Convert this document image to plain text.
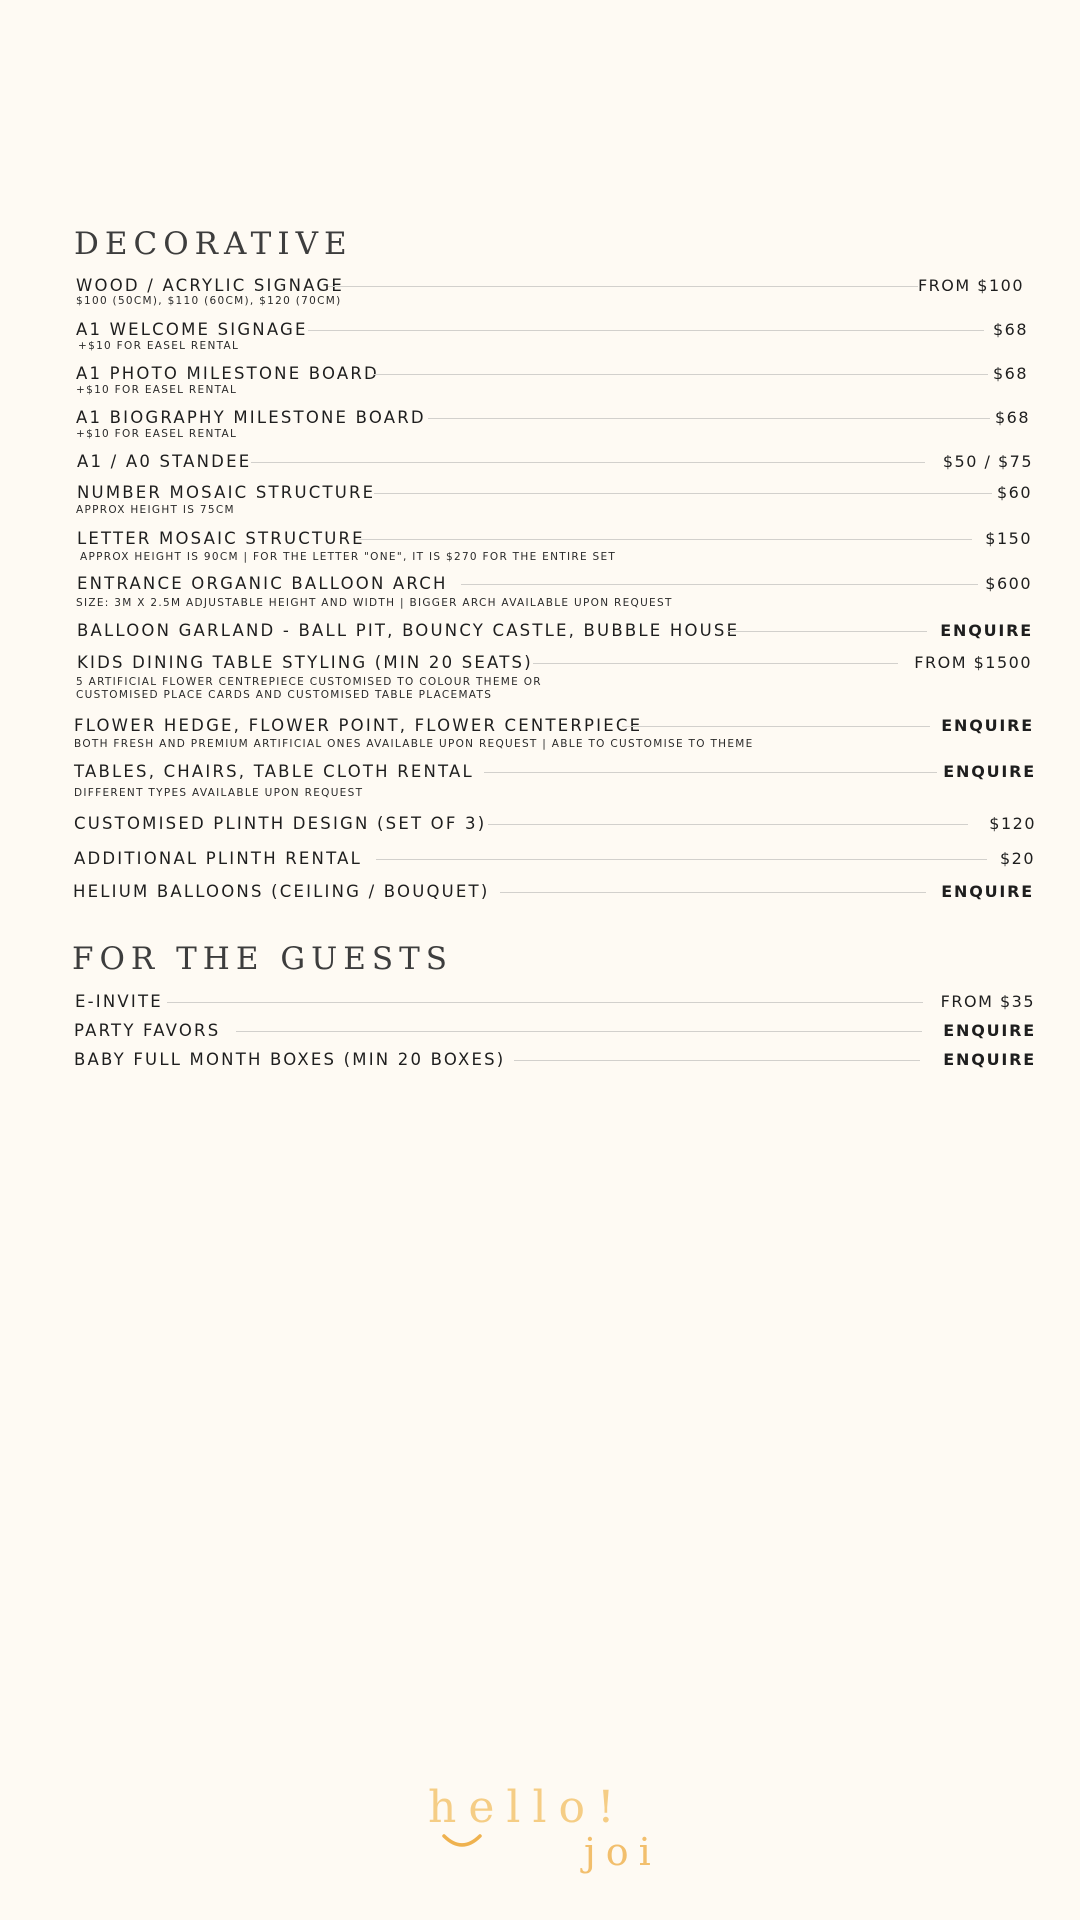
DECORATIVE
WOOD / ACRYLIC SIGNAGE	FROM $100
$100 (50CM), $110 (60CM), $120 (70CM)
A1 WELCOME SIGNAGE	$68
+$10 FOR EASEL RENTAL
A1 PHOTO MILESTONE BOARD	$68
+$10 FOR EASEL RENTAL
A1 BIOGRAPHY MILESTONE BOARD	$68
+$10 FOR EASEL RENTAL
A1 / A0 STANDEE	$50 / $75
NUMBER MOSAIC STRUCTURE	$60
APPROX HEIGHT IS 75CM
LETTER MOSAIC STRUCTURE	$150
APPROX HEIGHT IS 90CM | FOR THE LETTER "ONE", IT IS $270 FOR THE ENTIRE SET
ENTRANCE ORGANIC BALLOON ARCH	$600
SIZE: 3M X 2.5M ADJUSTABLE HEIGHT AND WIDTH | BIGGER ARCH AVAILABLE UPON REQUEST
BALLOON GARLAND - BALL PIT, BOUNCY CASTLE, BUBBLE HOUSE	ENQUIRE
KIDS DINING TABLE STYLING (MIN 20 SEATS)	FROM $1500
5 ARTIFICIAL FLOWER CENTREPIECE CUSTOMISED TO COLOUR THEME OR
CUSTOMISED PLACE CARDS AND CUSTOMISED TABLE PLACEMATS
FLOWER HEDGE, FLOWER POINT, FLOWER CENTERPIECE	ENQUIRE
BOTH FRESH AND PREMIUM ARTIFICIAL ONES AVAILABLE UPON REQUEST | ABLE TO CUSTOMISE TO THEME
TABLES, CHAIRS, TABLE CLOTH RENTAL	ENQUIRE
DIFFERENT TYPES AVAILABLE UPON REQUEST
CUSTOMISED PLINTH DESIGN (SET OF 3)	$120
ADDITIONAL PLINTH RENTAL	$20
HELIUM BALLOONS (CEILING / BOUQUET)	ENQUIRE
FOR THE GUESTS
E-INVITE	FROM $35
PARTY FAVORS	ENQUIRE
BABY FULL MONTH BOXES (MIN 20 BOXES)	ENQUIRE
hello!
joi
